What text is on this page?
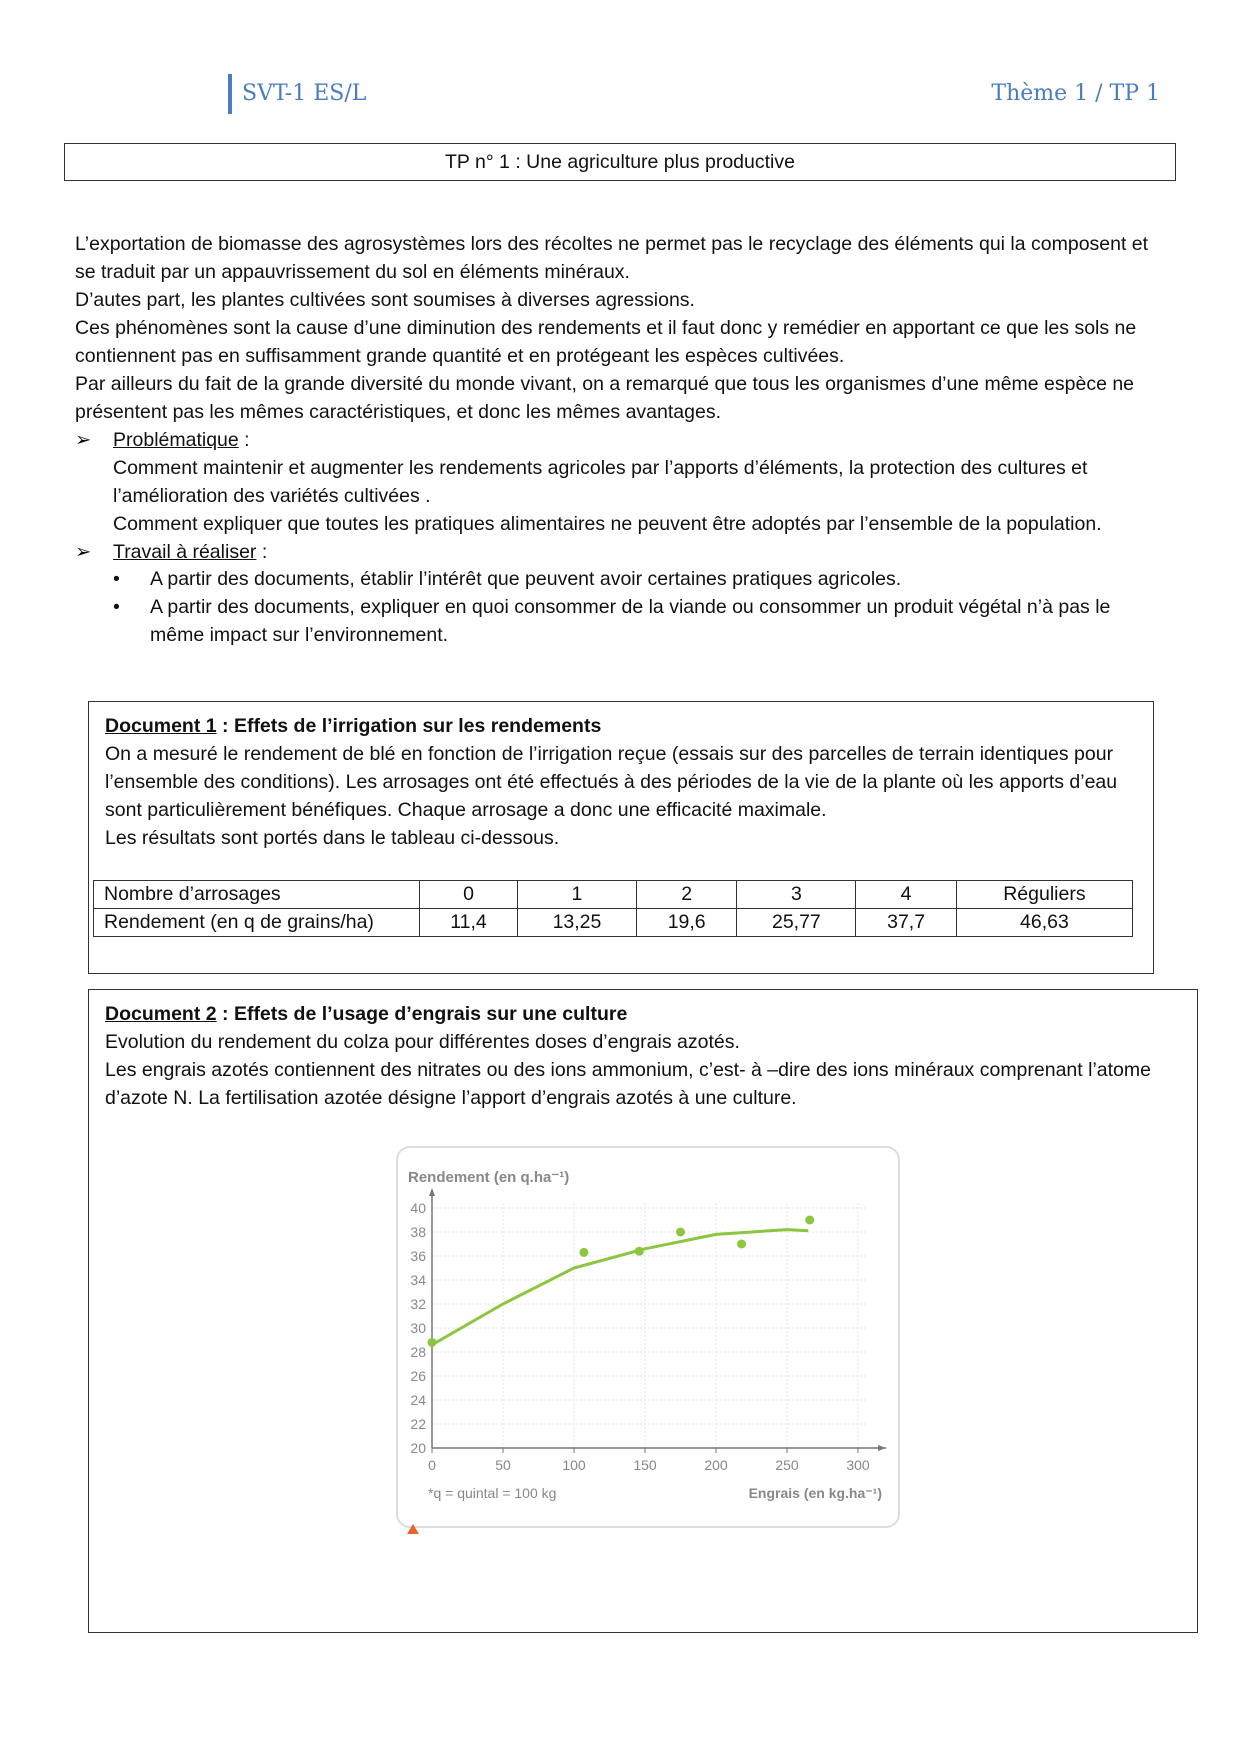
SVT-1 ES/L	Thème 1 / TP 1
TP n° 1 : Une agriculture plus productive

L’exportation de biomasse des agrosystèmes lors des récoltes ne permet pas le recyclage des éléments qui la composent et se traduit par un appauvrissement du sol en éléments minéraux.

D’autes part, les plantes cultivées sont soumises à diverses agressions.

Ces phénomènes sont la cause d’une diminution des rendements et il faut donc y remédier en apportant ce que les sols ne contiennent pas en suffisamment grande quantité et en protégeant les espèces cultivées.

Par ailleurs du fait de la grande diversité du monde vivant, on a remarqué que tous les organismes d’une même espèce ne présentent pas les mêmes caractéristiques, et donc les mêmes avantages.

➢ Problématique :

Comment maintenir et augmenter les rendements agricoles par l’apports d’éléments, la protection des cultures et l’amélioration des variétés cultivées .

Comment expliquer que toutes les pratiques alimentaires ne peuvent être adoptés par l’ensemble de la population.

➢ Travail à réaliser :

•	A partir des documents, établir l’intérêt que peuvent avoir certaines pratiques agricoles.
•	A partir des documents, expliquer en quoi consommer de la viande ou consommer un produit végétal n’à pas le même impact sur l’environnement.

Document 1 : Effets de l’irrigation sur les rendements

On a mesuré le rendement de blé en fonction de l’irrigation reçue (essais sur des parcelles de terrain identiques pour l’ensemble des conditions). Les arrosages ont été effectués à des périodes de la vie de la plante où les apports d’eau sont particulièrement bénéfiques. Chaque arrosage a donc une efficacité maximale.

Les résultats sont portés dans le tableau ci-dessous.

Nombre d’arrosages	0	1	2	3	4	Réguliers
Rendement (en q de grains/ha)	11,4	13,25	19,6	25,77	37,7	46,63

Document 2 : Effets de l’usage d’engrais sur une culture

Evolution du rendement du colza pour différentes doses d’engrais azotés.

Les engrais azotés contiennent des nitrates ou des ions ammonium, c’est- à –dire des ions minéraux comprenant l’atome d’azote N. La fertilisation azotée désigne l’apport d’engrais azotés à une culture.

Rendement (en q.ha⁻¹)
*q = quintal = 100 kg	Engrais (en kg.ha⁻¹)
20
22
24
26
28
30
32
34
36
38
40
0	50	100	150	200	250	300
